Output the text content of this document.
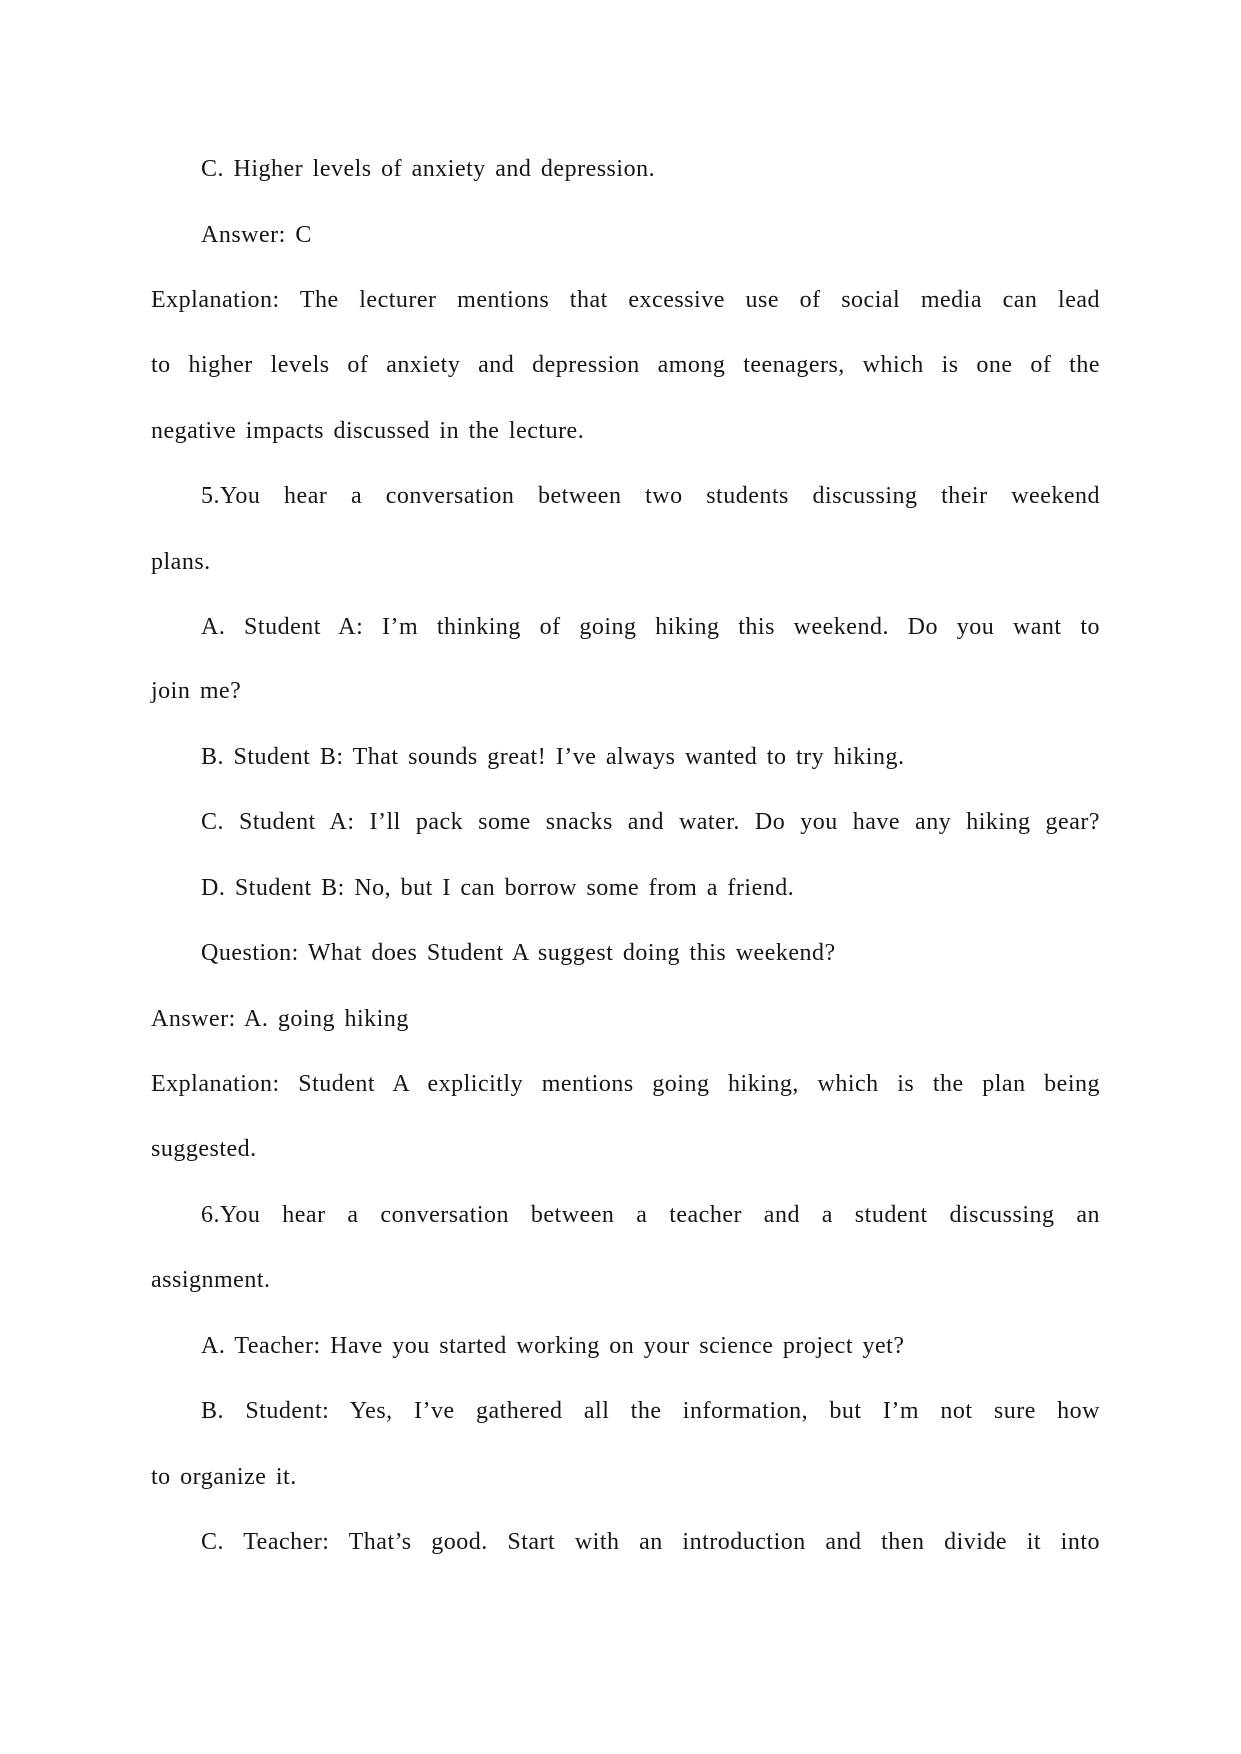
C. Higher levels of anxiety and depression.
Answer: C
Explanation: The lecturer mentions that excessive use of social media can lead
to higher levels of anxiety and depression among teenagers, which is one of the
negative impacts discussed in the lecture.
5.You hear a conversation between two students discussing their weekend
plans.
A. Student A: I’m thinking of going hiking this weekend. Do you want to
join me?
B. Student B: That sounds great! I’ve always wanted to try hiking.
C. Student A: I’ll pack some snacks and water. Do you have any hiking gear?
D. Student B: No, but I can borrow some from a friend.
Question: What does Student A suggest doing this weekend?
Answer: A. going hiking
Explanation: Student A explicitly mentions going hiking, which is the plan being
suggested.
6.You hear a conversation between a teacher and a student discussing an
assignment.
A. Teacher: Have you started working on your science project yet?
B. Student: Yes, I’ve gathered all the information, but I’m not sure how
to organize it.
C. Teacher: That’s good. Start with an introduction and then divide it into
